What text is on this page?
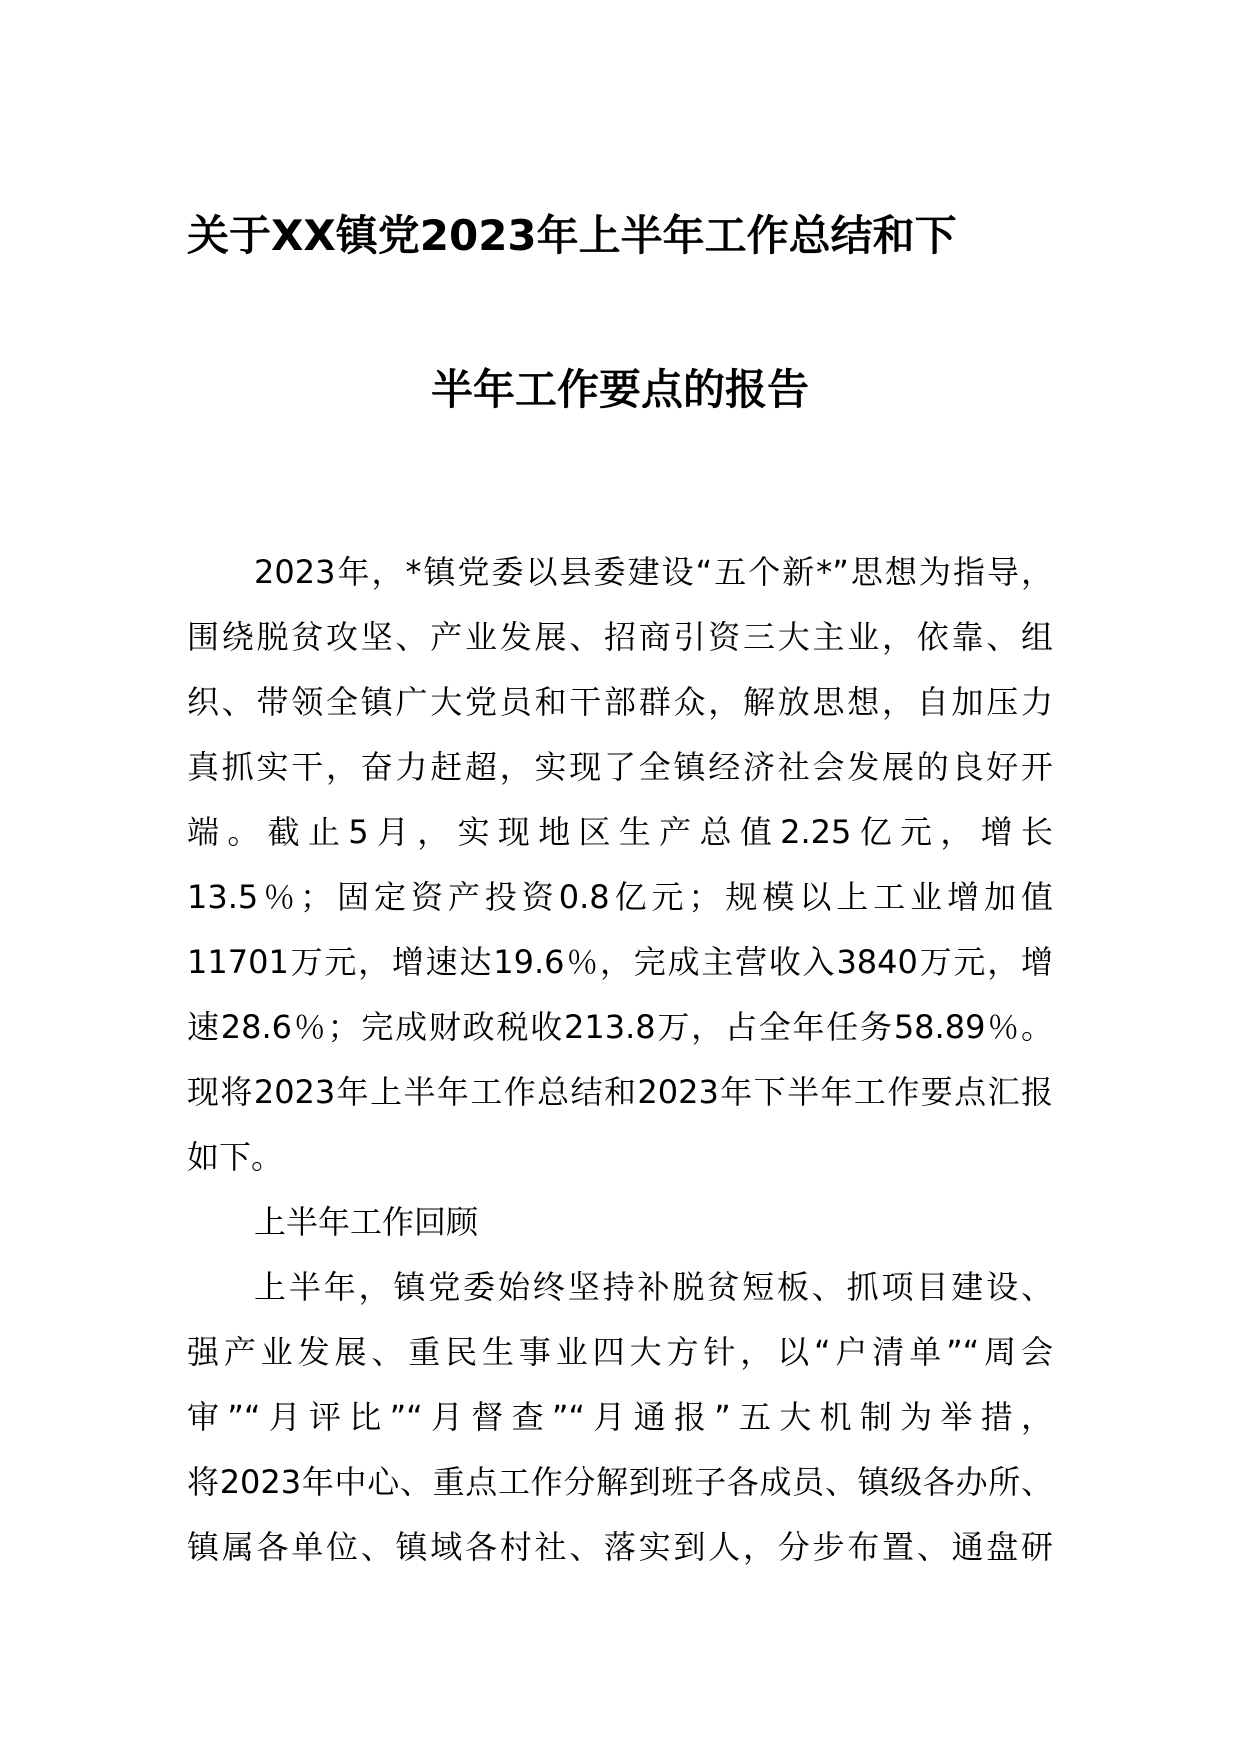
关于XX镇党2023年上半年工作总结和下
半年工作要点的报告
2023年，*镇党委以县委建设“五个新*”思想为指导，
围绕脱贫攻坚、产业发展、招商引资三大主业，依靠、组
织、带领全镇广大党员和干部群众，解放思想，自加压力
真抓实干，奋力赶超，实现了全镇经济社会发展的良好开
端。截止5月，实现地区生产总值2.25亿元，增长
13.5％；固定资产投资0.8亿元；规模以上工业增加值
11701万元，增速达19.6％，完成主营收入3840万元，增
速28.6％；完成财政税收213.8万，占全年任务58.89％。
现将2023年上半年工作总结和2023年下半年工作要点汇报
如下。
上半年工作回顾
上半年，镇党委始终坚持补脱贫短板、抓项目建设、
强产业发展、重民生事业四大方针，以“户清单”“周会
审”“月评比”“月督查”“月通报”五大机制为举措，
将2023年中心、重点工作分解到班子各成员、镇级各办所、
镇属各单位、镇域各村社、落实到人，分步布置、通盘研
